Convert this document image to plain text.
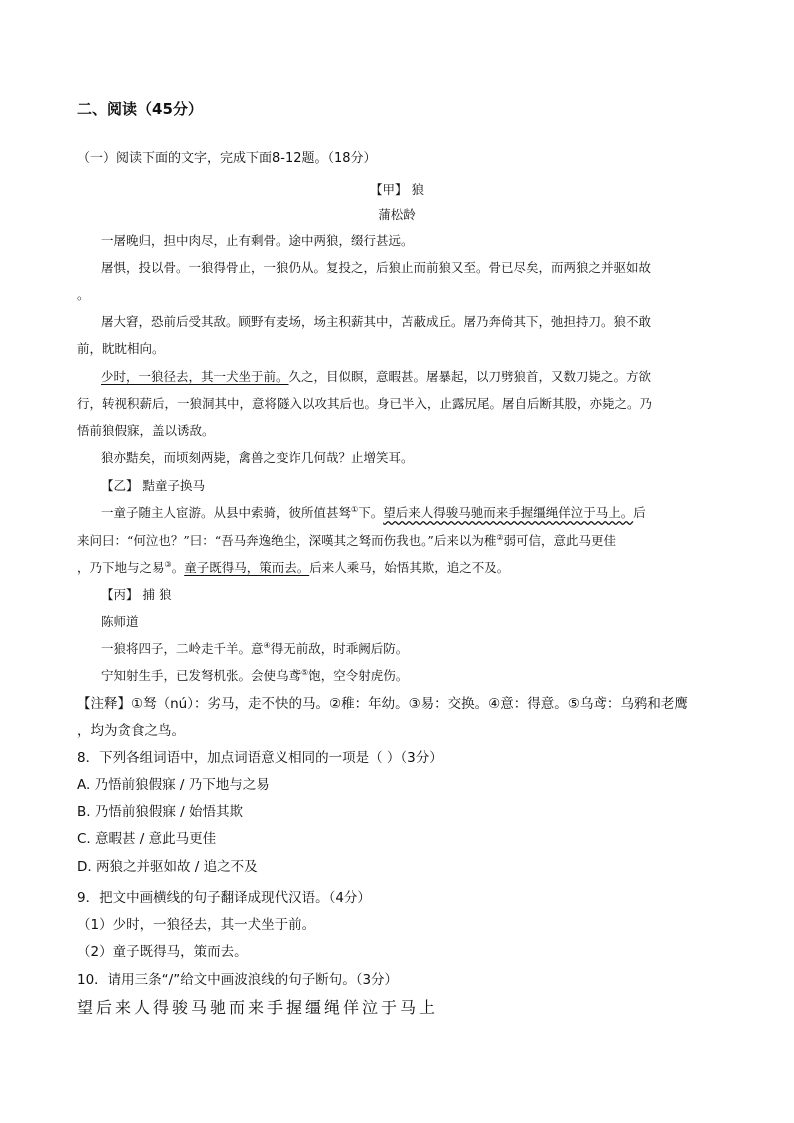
二、阅读（45分）
（一）阅读下面的文字，完成下面8-12题。（18分）
【甲】 狼
蒲松龄
一屠晚归，担中肉尽，止有剩骨。途中两狼，缀行甚远。
屠惧，投以骨。一狼得骨止，一狼仍从。复投之，后狼止而前狼又至。骨已尽矣，而两狼之并驱如故
。
屠大窘，恐前后受其敌。顾野有麦场，场主积薪其中，苫蔽成丘。屠乃奔倚其下，弛担持刀。狼不敢
前，眈眈相向。
少时，一狼径去，其一犬坐于前。久之，目似瞑，意暇甚。屠暴起，以刀劈狼首，又数刀毙之。方欲
行，转视积薪后，一狼洞其中，意将隧入以攻其后也。身已半入，止露尻尾。屠自后断其股，亦毙之。乃
悟前狼假寐，盖以诱敌。
狼亦黠矣，而顷刻两毙，禽兽之变诈几何哉？止增笑耳。
【乙】 黠童子换马
一童子随主人宦游。从县中索骑，彼所值甚驽①下。望后来人得骏马驰而来手握缰绳佯泣于马上。后
来问曰：“何泣也？”曰：“吾马奔逸绝尘，深嘆其之驽而伤我也。”后来以为稚②弱可信，意此马更佳
，乃下地与之易③。童子既得马，策而去。后来人乘马，始悟其欺，追之不及。
【丙】 捕 狼
陈师道
一狼将四子，二岭走千羊。意④得无前敌，时乖阙后防。
宁知射生手，已发弩机张。会使乌鸢⑤饱，空令射虎伤。
【注释】①驽（nú）：劣马，走不快的马。②稚：年幼。③易：交换。④意：得意。⑤乌鸢：乌鸦和老鹰
，均为贪食之鸟。
8．下列各组词语中，加点词语意义相同的一项是（ ）（3分）
A. 乃悟前狼假寐 / 乃下地与之易
B. 乃悟前狼假寐 / 始悟其欺
C. 意暇甚 / 意此马更佳
D. 两狼之并驱如故 / 追之不及
9．把文中画横线的句子翻译成现代汉语。（4分）
（1）少时，一狼径去，其一犬坐于前。
（2）童子既得马，策而去。
10．请用三条“/”给文中画波浪线的句子断句。（3分）
望后来人得骏马驰而来手握缰绳佯泣于马上
